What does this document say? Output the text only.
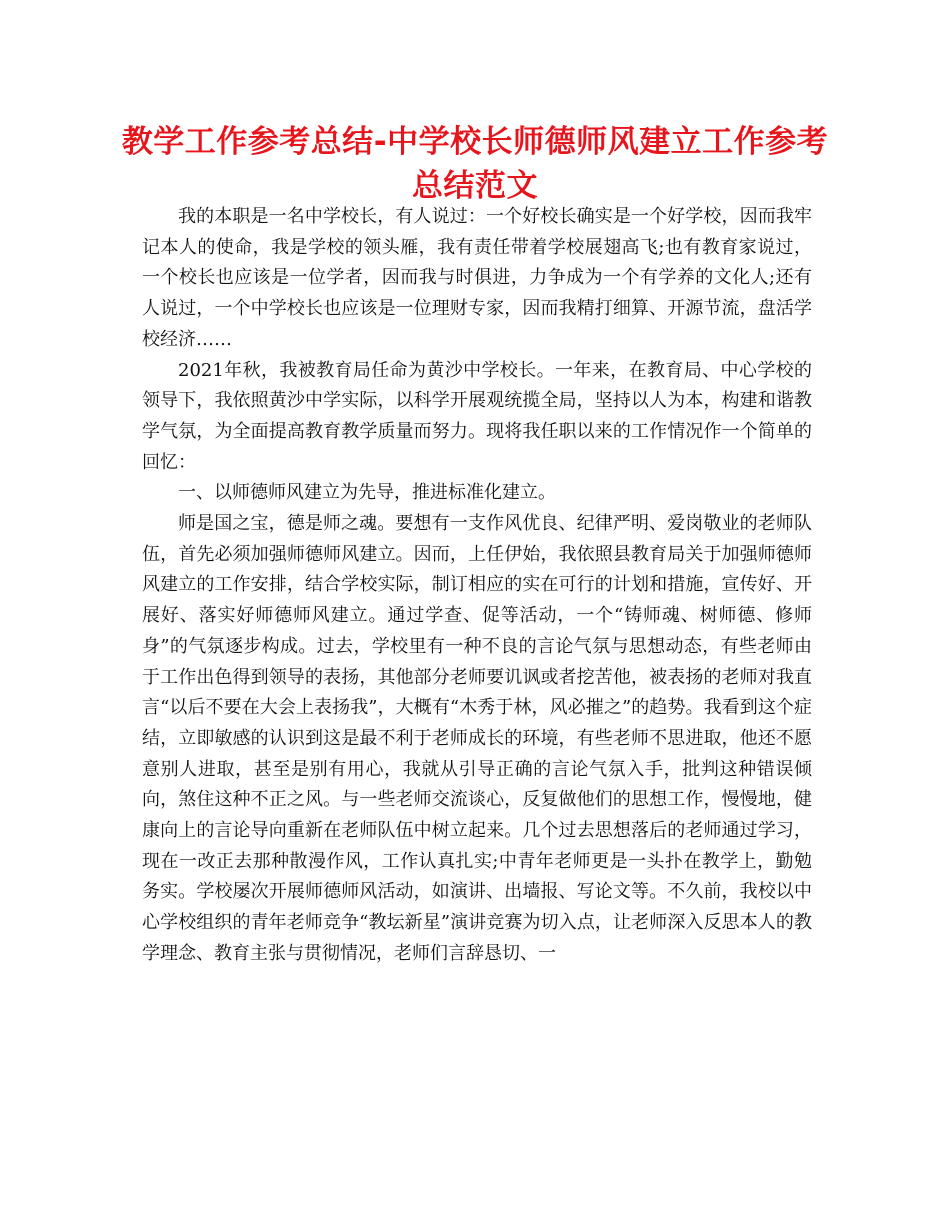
教学工作参考总结-中学校长师德师风建立工作参考总结范文

我的本职是一名中学校长，有人说过：一个好校长确实是一个好学校，因而我牢记本人的使命，我是学校的领头雁，我有责任带着学校展翅高飞;也有教育家说过，一个校长也应该是一位学者，因而我与时俱进，力争成为一个有学养的文化人;还有人说过，一个中学校长也应该是一位理财专家，因而我精打细算、开源节流，盘活学校经济……

2021年秋，我被教育局任命为黄沙中学校长。一年来，在教育局、中心学校的领导下，我依照黄沙中学实际，以科学开展观统揽全局，坚持以人为本，构建和谐教学气氛，为全面提高教育教学质量而努力。现将我任职以来的工作情况作一个简单的回忆：

一、以师德师风建立为先导，推进标准化建立。

师是国之宝，德是师之魂。要想有一支作风优良、纪律严明、爱岗敬业的老师队伍，首先必须加强师德师风建立。因而，上任伊始，我依照县教育局关于加强师德师风建立的工作安排，结合学校实际，制订相应的实在可行的计划和措施，宣传好、开展好、落实好师德师风建立。通过学查、促等活动，一个“铸师魂、树师德、修师身”的气氛逐步构成。过去，学校里有一种不良的言论气氛与思想动态，有些老师由于工作出色得到领导的表扬，其他部分老师要讥讽或者挖苦他，被表扬的老师对我直言“以后不要在大会上表扬我”，大概有“木秀于林，风必摧之”的趋势。我看到这个症结，立即敏感的认识到这是最不利于老师成长的环境，有些老师不思进取，他还不愿意别人进取，甚至是别有用心，我就从引导正确的言论气氛入手，批判这种错误倾向，煞住这种不正之风。与一些老师交流谈心，反复做他们的思想工作，慢慢地，健康向上的言论导向重新在老师队伍中树立起来。几个过去思想落后的老师通过学习，现在一改正去那种散漫作风，工作认真扎实;中青年老师更是一头扑在教学上，勤勉务实。学校屡次开展师德师风活动，如演讲、出墙报、写论文等。不久前，我校以中心学校组织的青年老师竞争“教坛新星”演讲竞赛为切入点，让老师深入反思本人的教学理念、教育主张与贯彻情况，老师们言辞恳切、一
